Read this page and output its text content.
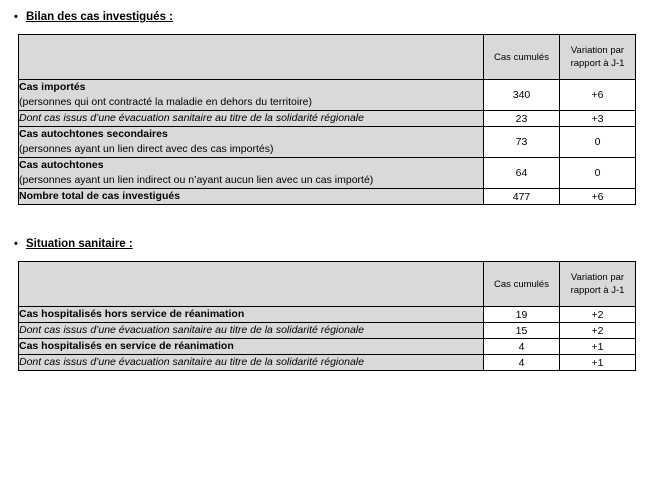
• Bilan des cas investigués :

	Cas cumulés	Variation par
rapport à J-1

Cas importés
(personnes qui ont contracté la maladie en dehors du territoire)	340	+6

Dont cas issus d’une évacuation sanitaire au titre de la solidarité régionale	23	+3

Cas autochtones secondaires
(personnes ayant un lien direct avec des cas importés)	73	0

Cas autochtones
(personnes ayant un lien indirect ou n’ayant aucun lien avec un cas importé)	64	0

Nombre total de cas investigués	477	+6
• Situation sanitaire :

	Cas cumulés	Variation par
rapport à J-1

Cas hospitalisés hors service de réanimation	19	+2

Dont cas issus d’une évacuation sanitaire au titre de la solidarité régionale	15	+2

Cas hospitalisés en service de réanimation	4	+1

Dont cas issus d’une évacuation sanitaire au titre de la solidarité régionale	4	+1
